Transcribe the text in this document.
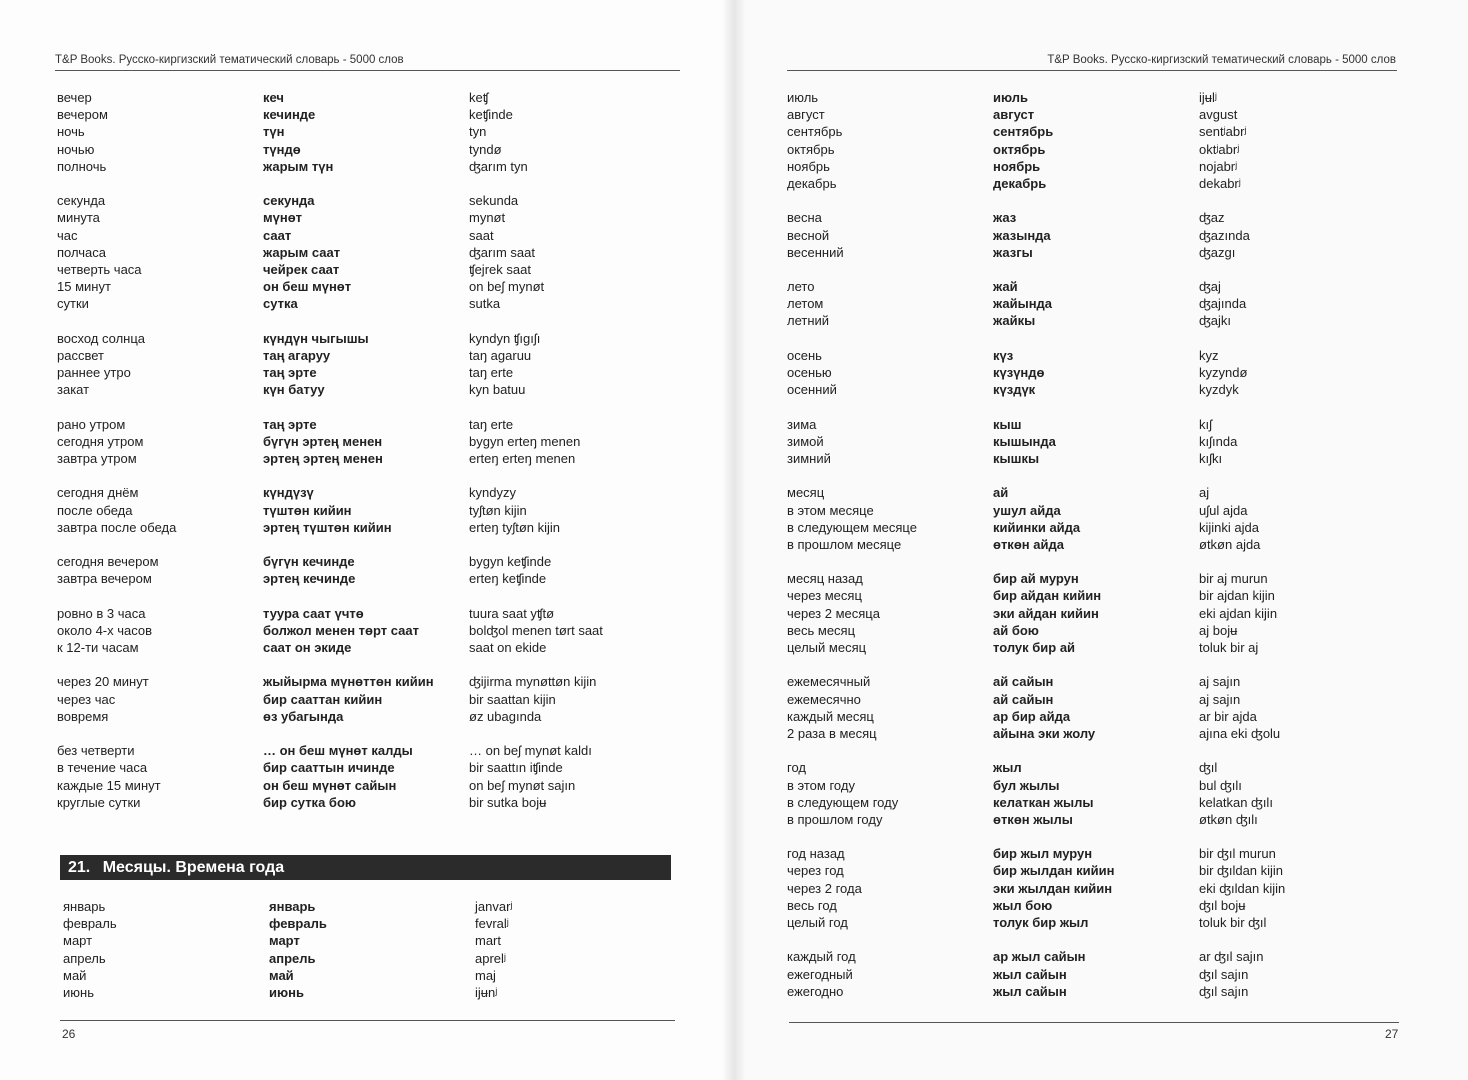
T&P Books. Русско-киргизский тематический словарь - 5000 слов
вечер	кеч	keʧ
вечером	кечинде	keʧinde
ночь	түн	tyn
ночью	түндө	tyndø
полночь	жарым түн	ʤarım tyn
секунда	секунда	sekunda
минута	мүнөт	mynøt
час	саат	saat
полчаса	жарым саат	ʤarım saat
четверть часа	чейрек саат	ʧejrek saat
15 минут	он беш мүнөт	on beʃ mynøt
сутки	сутка	sutka
восход солнца	күндүн чыгышы	kyndyn ʧıgıʃı
рассвет	таң агаруу	taŋ agaruu
раннее утро	таң эрте	taŋ erte
закат	күн батуу	kyn batuu
рано утром	таң эрте	taŋ erte
сегодня утром	бүгүн эртең менен	bygyn erteŋ menen
завтра утром	эртең эртең менен	erteŋ erteŋ menen
сегодня днём	күндүзү	kyndyzy
после обеда	түштөн кийин	tyʃtøn kijin
завтра после обеда	эртең түштөн кийин	erteŋ tyʃtøn kijin
сегодня вечером	бүгүн кечинде	bygyn keʧinde
завтра вечером	эртең кечинде	erteŋ keʧinde
ровно в 3 часа	туура саат үчтө	tuura saat yʧtø
около 4-х часов	болжол менен төрт саат	bolʤol menen tørt saat
к 12-ти часам	саат он экиде	saat on ekide
через 20 минут	жыйырма мүнөттөн кийин	ʤijirma mynøttøn kijin
через час	бир сааттан кийин	bir saattan kijin
вовремя	өз убагында	øz ubagında
без четверти	… он беш мүнөт калды	… on beʃ mynøt kaldı
в течение часа	бир сааттын ичинде	bir saattın iʧinde
каждые 15 минут	он беш мүнөт сайын	on beʃ mynøt sajın
круглые сутки	бир сутка бою	bir sutka bojʉ
21. Месяцы. Времена года
январь	январь	janvarʲ
февраль	февраль	fevralʲ
март	март	mart
апрель	апрель	aprelʲ
май	май	maj
июнь	июнь	ijʉnʲ
26
T&P Books. Русско-киргизский тематический словарь - 5000 слов
июль	июль	ijʉlʲ
август	август	avgust
сентябрь	сентябрь	sentʲabrʲ
октябрь	октябрь	oktʲabrʲ
ноябрь	ноябрь	nojabrʲ
декабрь	декабрь	dekabrʲ
весна	жаз	ʤaz
весной	жазында	ʤazında
весенний	жазгы	ʤazgı
лето	жай	ʤaj
летом	жайында	ʤajında
летний	жайкы	ʤajkı
осень	күз	kyz
осенью	күзүндө	kyzyndø
осенний	күздүк	kyzdyk
зима	кыш	kıʃ
зимой	кышында	kıʃında
зимний	кышкы	kıʃkı
месяц	ай	aj
в этом месяце	ушул айда	uʃul ajda
в следующем месяце	кийинки айда	kijinki ajda
в прошлом месяце	өткөн айда	øtkøn ajda
месяц назад	бир ай мурун	bir aj murun
через месяц	бир айдан кийин	bir ajdan kijin
через 2 месяца	эки айдан кийин	eki ajdan kijin
весь месяц	ай бою	aj bojʉ
целый месяц	толук бир ай	toluk bir aj
ежемесячный	ай сайын	aj sajın
ежемесячно	ай сайын	aj sajın
каждый месяц	ар бир айда	ar bir ajda
2 раза в месяц	айына эки жолу	ajına eki ʤolu
год	жыл	ʤıl
в этом году	бул жылы	bul ʤılı
в следующем году	келаткан жылы	kelatkan ʤılı
в прошлом году	өткөн жылы	øtkøn ʤılı
год назад	бир жыл мурун	bir ʤıl murun
через год	бир жылдан кийин	bir ʤıldan kijin
через 2 года	эки жылдан кийин	eki ʤıldan kijin
весь год	жыл бою	ʤıl bojʉ
целый год	толук бир жыл	toluk bir ʤıl
каждый год	ар жыл сайын	ar ʤıl sajın
ежегодный	жыл сайын	ʤıl sajın
ежегодно	жыл сайын	ʤıl sajın
27
